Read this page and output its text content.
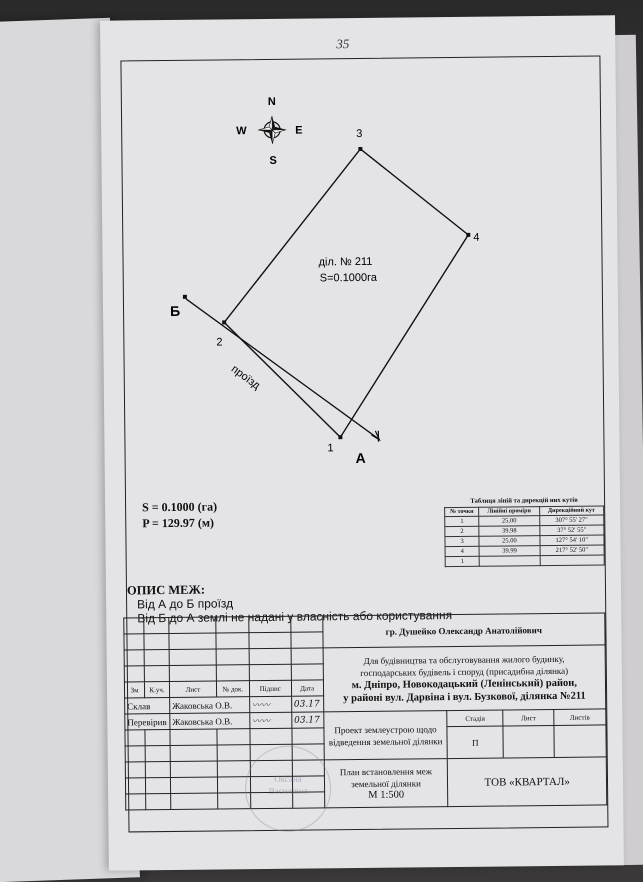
35
N
S
W	E
1
2
3
4
Б
А
діл. № 211
S=0.1000га
проїзд
S = 0.1000 (га)
P = 129.97 (м)
Таблиця ліній та дирекцій них кутів
№ точки	Лінійні проміри	Дирекційний кут
1	25.00	307° 55' 27"
2	39.98	37° 52' 55"
3	25.00	127° 54' 10"
4	39.99	217° 52' 50"
1		
ОПИС МЕЖ:
Від А до Б проїзд
Від Б до А землі не надані у власність або користування
						гр. Душейко Олександр Анатолійович			

						Для будівництва та обслуговування жилого будинку,
господарських будівель і споруд (присадибна ділянка)
м. Дніпро, Новокодацький (Ленінський) район,
у районі вул. Дарвіна і вул. Бузкової, ділянка №211			

Зм	К.уч.	Лист	№ док.	Підпис	Дата				
Склав		Жаковська О.В.		〰〰	03.17				
Перевірив		Жаковська О.В.		〰〰	03.17	Проект землеустрою щодо відведення земельної ділянки	Стадія	Лист	Листів
							П		

						План встановлення меж земельної ділянки
М 1:500	ТОВ «КВАРТАЛ»		

Оксана
Василівна
